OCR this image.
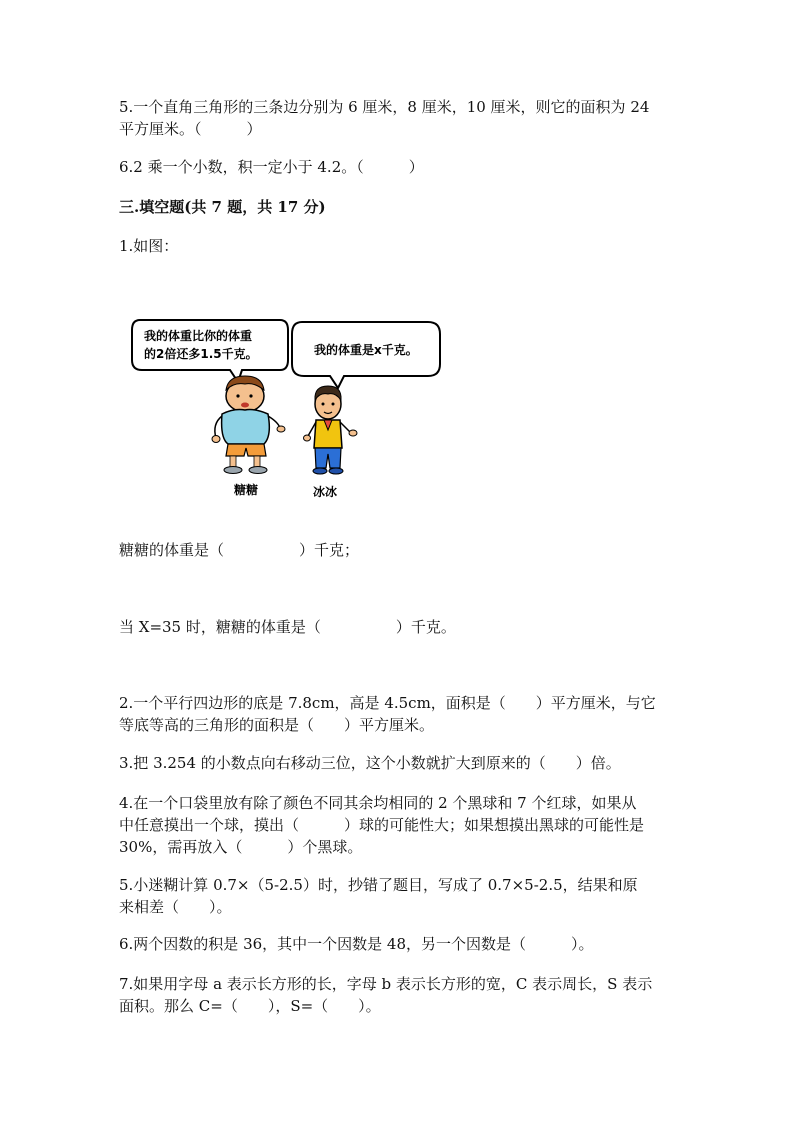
5.一个直角三角形的三条边分别为 6 厘米，8 厘米，10 厘米，则它的面积为 24
平方厘米。（　　　）
6.2 乘一个小数，积一定小于 4.2。（　　　）
三.填空题(共 7 题，共 17 分)
1.如图：
我的体重比你的体重
的2倍还多1.5千克。	我的体重是x千克。
糖糖	冰冰
糖糖的体重是（　　　　　）千克；
当 X=35 时，糖糖的体重是（　　　　　）千克。
2.一个平行四边形的底是 7.8cm，高是 4.5cm，面积是（　　）平方厘米，与它
等底等高的三角形的面积是（　　）平方厘米。
3.把 3.254 的小数点向右移动三位，这个小数就扩大到原来的（　　）倍。
4.在一个口袋里放有除了颜色不同其余均相同的 2 个黑球和 7 个红球，如果从
中任意摸出一个球，摸出（　　　）球的可能性大；如果想摸出黑球的可能性是
30%，需再放入（　　　）个黑球。
5.小迷糊计算 0.7×（5-2.5）时，抄错了题目，写成了 0.7×5-2.5，结果和原
来相差（　　）。
6.两个因数的积是 36，其中一个因数是 48，另一个因数是（　　　）。
7.如果用字母 a 表示长方形的长，字母 b 表示长方形的宽，C 表示周长，S 表示
面积。那么 C=（　　），S=（　　）。
